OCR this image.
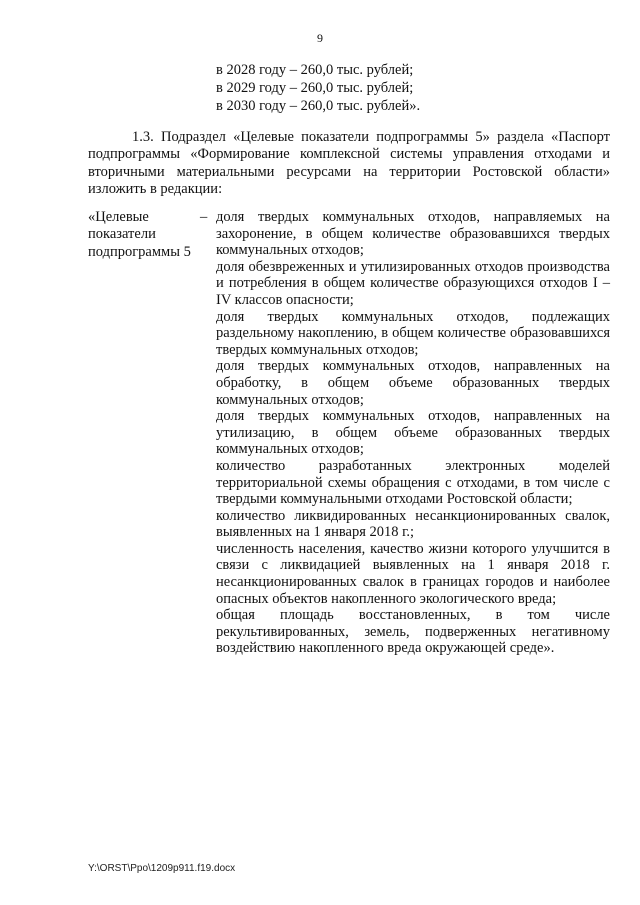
9
в 2028 году – 260,0 тыс. рублей;
в 2029 году – 260,0 тыс. рублей;
в 2030 году – 260,0 тыс. рублей».

1.3. Подраздел «Целевые показатели подпрограммы 5» раздела «Паспорт подпрограммы «Формирование комплексной системы управления отходами и вторичными материальными ресурсами на территории Ростовской области» изложить в редакции:

«Целевые показатели подпрограммы 5
– доля твердых коммунальных отходов, направляемых на захоронение, в общем количестве образовавшихся твердых коммунальных отходов;

доля обезвреженных и утилизированных отходов производства и потребления в общем количестве образующихся отходов I – IV классов опасности;

доля твердых коммунальных отходов, подлежащих раздельному накоплению, в общем количестве образовавшихся твердых коммунальных отходов;

доля твердых коммунальных отходов, направленных на обработку, в общем объеме образованных твердых коммунальных отходов;

доля твердых коммунальных отходов, направленных на утилизацию, в общем объеме образованных твердых коммунальных отходов;

количество разработанных электронных моделей территориальной схемы обращения с отходами, в том числе с твердыми коммунальными отходами Ростовской области;

количество ликвидированных несанкционированных свалок, выявленных на 1 января 2018 г.;

численность населения, качество жизни которого улучшится в связи с ликвидацией выявленных на 1 января 2018 г. несанкционированных свалок в границах городов и наиболее опасных объектов накопленного экологического вреда;

общая площадь восстановленных, в том числе рекультивированных, земель, подверженных негативному воздействию накопленного вреда окружающей среде».

Y:\ORST\Ppo\1209p911.f19.docx
